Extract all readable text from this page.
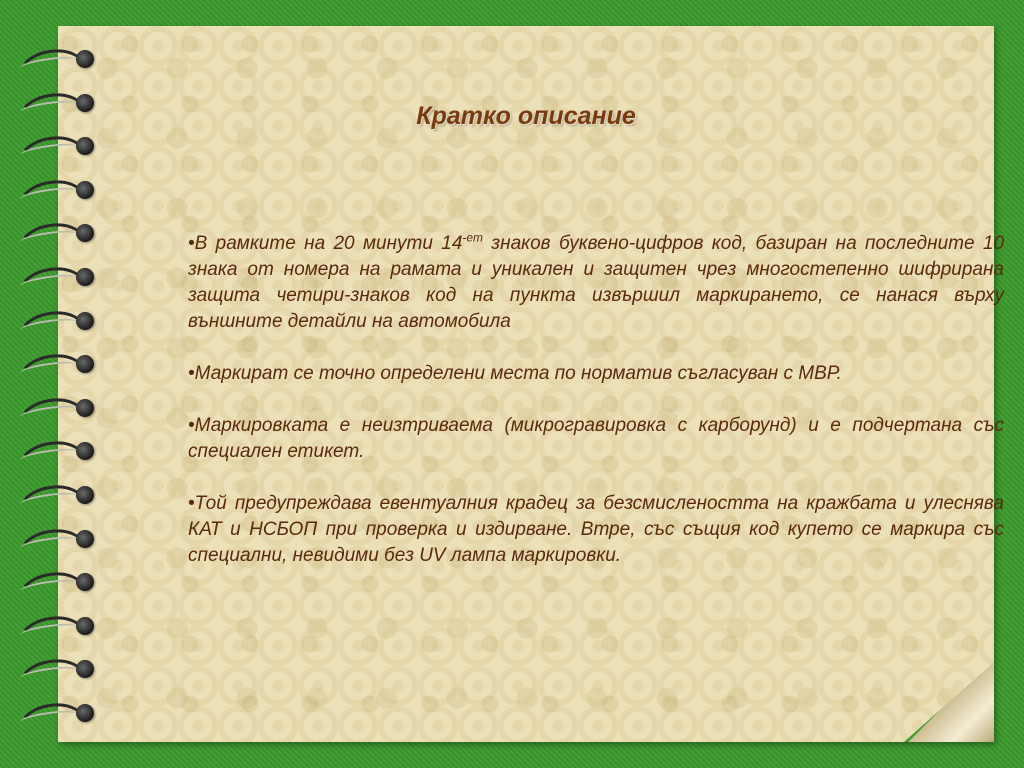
Кратко описание

•В рамките на 20 минути $14^{-ет}$ знаков буквено-цифров код, базиран на последните 10 знака от номера на рамата и уникален и защитен чрез многостепенно шифрирана защита четири-знаков код на пункта извършил маркирането, се нанася върху външните детайли на автомобила

•Маркират се точно определени места по норматив съгласуван с МВР.

•Маркировката е неизтриваема (микрогравировка с карборунд) и е подчертана със специален етикет.

•Той предупреждава евентуалния крадец за безсмислеността на кражбата и улеснява КАТ и НСБОП при проверка и издирване. Втре, със същия код купето се маркира със специални, невидими без UV лампа маркировки.
